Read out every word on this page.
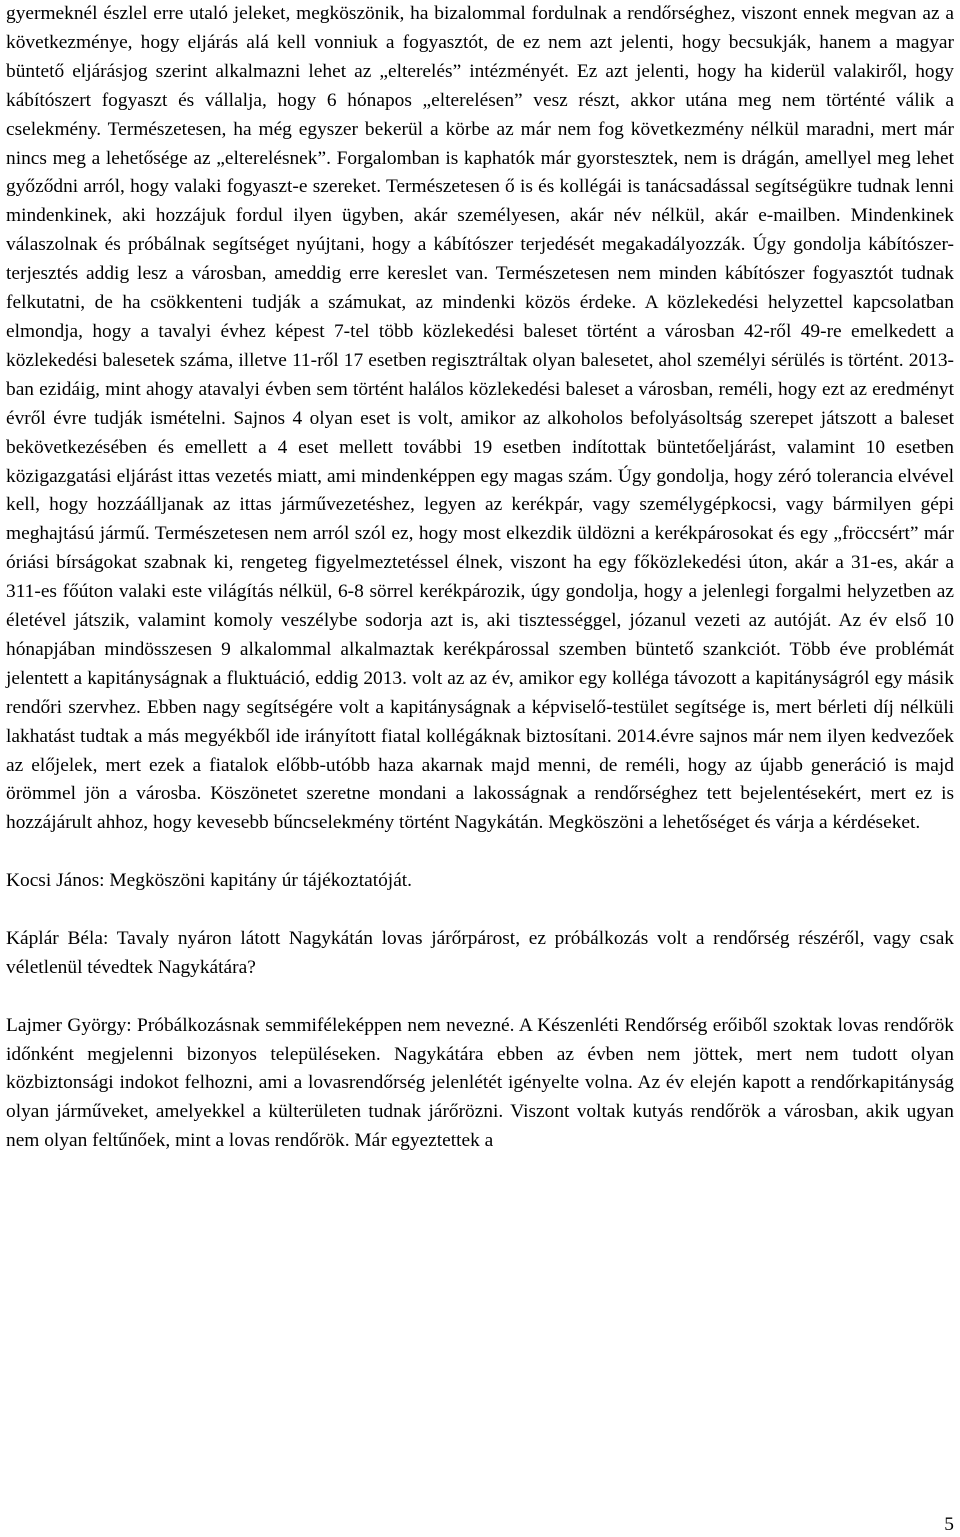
gyermeknél észlel erre utaló jeleket, megköszönik, ha bizalommal fordulnak a rendőrséghez, viszont ennek megvan az a következménye, hogy eljárás alá kell vonniuk a fogyasztót, de ez nem azt jelenti, hogy becsukják, hanem a magyar büntető eljárásjog szerint alkalmazni lehet az „elterelés” intézményét. Ez azt jelenti, hogy ha kiderül valakiről, hogy kábítószert fogyaszt és vállalja, hogy 6 hónapos „elterelésen” vesz részt, akkor utána meg nem történté válik a cselekmény. Természetesen, ha még egyszer bekerül a körbe az már nem fog következmény nélkül maradni, mert már nincs meg a lehetősége az „elterelésnek”. Forgalomban is kaphatók már gyorstesztek, nem is drágán, amellyel meg lehet győződni arról, hogy valaki fogyaszt-e szereket. Természetesen ő is és kollégái is tanácsadással segítségükre tudnak lenni mindenkinek, aki hozzájuk fordul ilyen ügyben, akár személyesen, akár név nélkül, akár e-mailben. Mindenkinek válaszolnak és próbálnak segítséget nyújtani, hogy a kábítószer terjedését megakadályozzák. Úgy gondolja kábítószer-terjesztés addig lesz a városban, ameddig erre kereslet van. Természetesen nem minden kábítószer fogyasztót tudnak felkutatni, de ha csökkenteni tudják a számukat, az mindenki közös érdeke. A közlekedési helyzettel kapcsolatban elmondja, hogy a tavalyi évhez képest 7-tel több közlekedési baleset történt a városban 42-ről 49-re emelkedett a közlekedési balesetek száma, illetve 11-ről 17 esetben regisztráltak olyan balesetet, ahol személyi sérülés is történt. 2013-ban ezidáig, mint ahogy atavalyi évben sem történt halálos közlekedési baleset a városban, reméli, hogy ezt az eredményt évről évre tudják ismételni. Sajnos 4 olyan eset is volt, amikor az alkoholos befolyásoltság szerepet játszott a baleset bekövetkezésében és emellett a 4 eset mellett további 19 esetben indítottak büntetőeljárást, valamint 10 esetben közigazgatási eljárást ittas vezetés miatt, ami mindenképpen egy magas szám. Úgy gondolja, hogy zéró tolerancia elvével kell, hogy hozzáálljanak az ittas járművezetéshez, legyen az kerékpár, vagy személygépkocsi, vagy bármilyen gépi meghajtású jármű. Természetesen nem arról szól ez, hogy most elkezdik üldözni a kerékpárosokat és egy „fröccsért” már óriási bírságokat szabnak ki, rengeteg figyelmeztetéssel élnek, viszont ha egy főközlekedési úton, akár a 31-es, akár a 311-es főúton valaki este világítás nélkül, 6-8 sörrel kerékpározik, úgy gondolja, hogy a jelenlegi forgalmi helyzetben az életével játszik, valamint komoly veszélybe sodorja azt is, aki tisztességgel, józanul vezeti az autóját. Az év első 10 hónapjában mindösszesen 9 alkalommal alkalmaztak kerékpárossal szemben büntető szankciót. Több éve problémát jelentett a kapitányságnak a fluktuáció, eddig 2013. volt az az év, amikor egy kolléga távozott a kapitányságról egy másik rendőri szervhez. Ebben nagy segítségére volt a kapitányságnak a képviselő-testület segítsége is, mert bérleti díj nélküli lakhatást tudtak a más megyékből ide irányított fiatal kollégáknak biztosítani. 2014.évre sajnos már nem ilyen kedvezőek az előjelek, mert ezek a fiatalok előbb-utóbb haza akarnak majd menni, de reméli, hogy az újabb generáció is majd örömmel jön a városba. Köszönetet szeretne mondani a lakosságnak a rendőrséghez tett bejelentésekért, mert ez is hozzájárult ahhoz, hogy kevesebb bűncselekmény történt Nagykátán. Megköszöni a lehetőséget és várja a kérdéseket.

Kocsi János: Megköszöni kapitány úr tájékoztatóját.

Káplár Béla: Tavaly nyáron látott Nagykátán lovas járőrpárost, ez próbálkozás volt a rendőrség részéről, vagy csak véletlenül tévedtek Nagykátára?

Lajmer György: Próbálkozásnak semmiféleképpen nem nevezné. A Készenléti Rendőrség erőiből szoktak lovas rendőrök időnként megjelenni bizonyos településeken. Nagykátára ebben az évben nem jöttek, mert nem tudott olyan közbiztonsági indokot felhozni, ami a lovasrendőrség jelenlétét igényelte volna. Az év elején kapott a rendőrkapitányság olyan járműveket, amelyekkel a külterületen tudnak járőrözni. Viszont voltak kutyás rendőrök a városban, akik ugyan nem olyan feltűnőek, mint a lovas rendőrök. Már egyeztettek a

5
